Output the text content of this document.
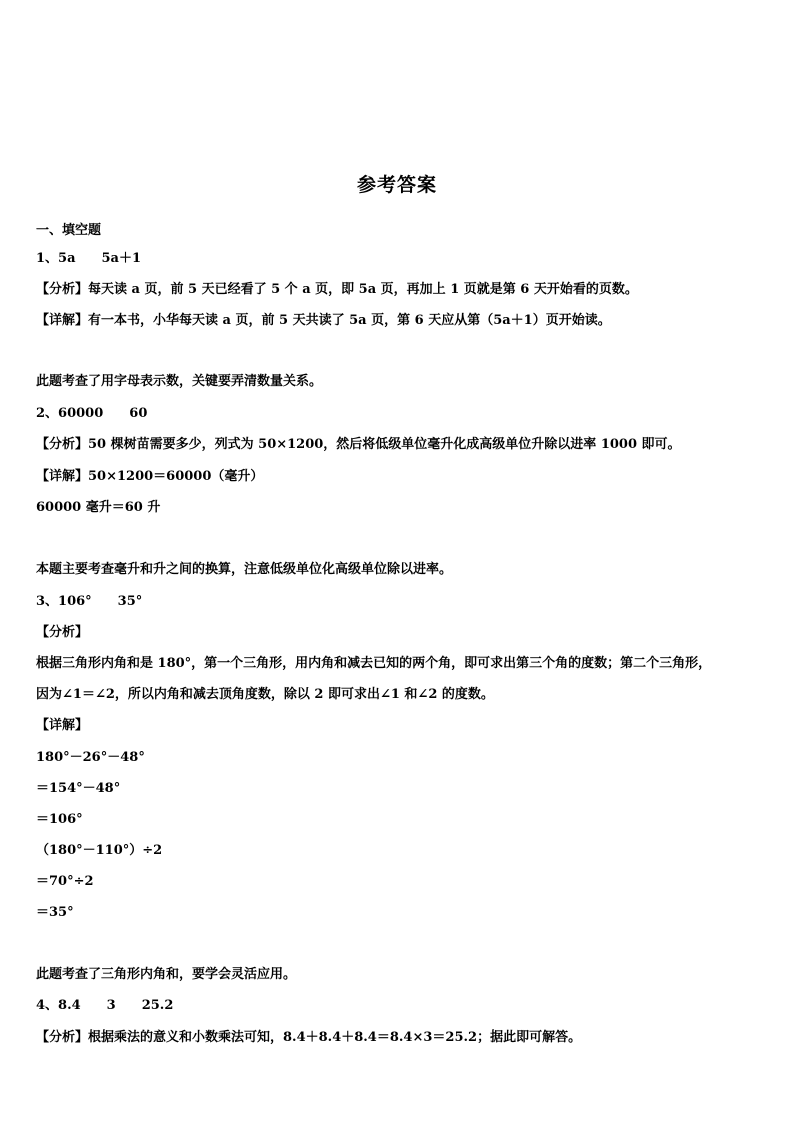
参考答案
一、填空题
1、5a　　5a＋1
【分析】每天读 a 页，前 5 天已经看了 5 个 a 页，即 5a 页，再加上 1 页就是第 6 天开始看的页数。
【详解】有一本书，小华每天读 a 页，前 5 天共读了 5a 页，第 6 天应从第（5a＋1）页开始读。
此题考查了用字母表示数，关键要弄清数量关系。
2、60000　　60
【分析】50 棵树苗需要多少，列式为 50×1200，然后将低级单位毫升化成高级单位升除以进率 1000 即可。
【详解】50×1200＝60000（毫升）
60000 毫升＝60 升
本题主要考查毫升和升之间的换算，注意低级单位化高级单位除以进率。
3、106°　　35°
【分析】
根据三角形内角和是 180°，第一个三角形，用内角和减去已知的两个角，即可求出第三个角的度数；第二个三角形，
因为∠1＝∠2，所以内角和减去顶角度数，除以 2 即可求出∠1 和∠2 的度数。
【详解】
180°－26°－48°
＝154°－48°
＝106°
（180°－110°）÷2
＝70°÷2
＝35°
此题考查了三角形内角和，要学会灵活应用。
4、8.4　　3　　25.2
【分析】根据乘法的意义和小数乘法可知，8.4＋8.4＋8.4＝8.4×3＝25.2；据此即可解答。
